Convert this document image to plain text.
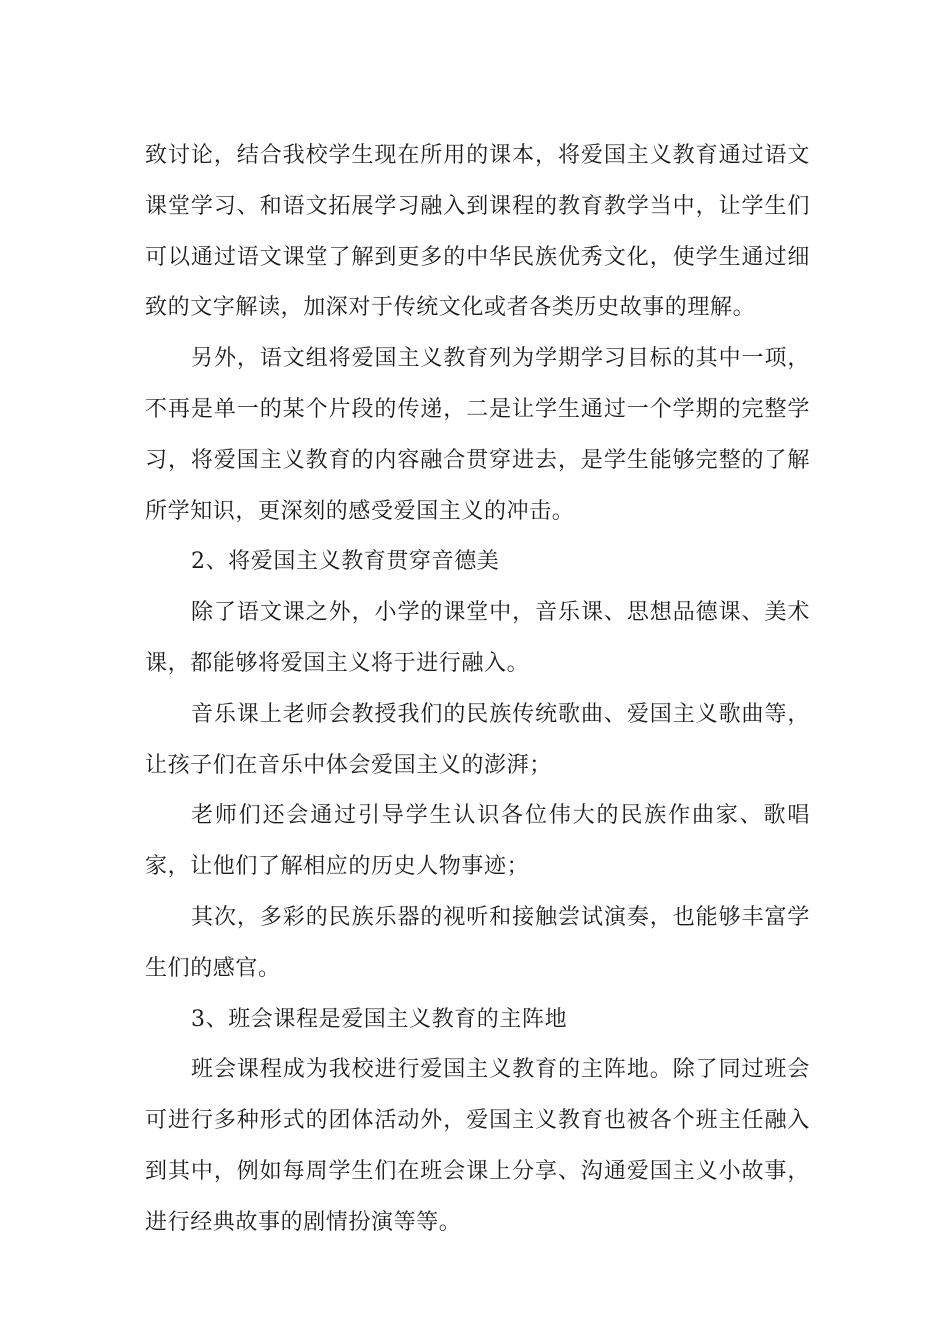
致讨论，结合我校学生现在所用的课本，将爱国主义教育通过语文课堂学习、和语文拓展学习融入到课程的教育教学当中，让学生们可以通过语文课堂了解到更多的中华民族优秀文化，使学生通过细致的文字解读，加深对于传统文化或者各类历史故事的理解。

另外，语文组将爱国主义教育列为学期学习目标的其中一项，不再是单一的某个片段的传递，二是让学生通过一个学期的完整学习，将爱国主义教育的内容融合贯穿进去，是学生能够完整的了解所学知识，更深刻的感受爱国主义的冲击。

2、将爱国主义教育贯穿音德美

除了语文课之外，小学的课堂中，音乐课、思想品德课、美术课，都能够将爱国主义将于进行融入。

音乐课上老师会教授我们的民族传统歌曲、爱国主义歌曲等，让孩子们在音乐中体会爱国主义的澎湃；

老师们还会通过引导学生认识各位伟大的民族作曲家、歌唱家，让他们了解相应的历史人物事迹；

其次，多彩的民族乐器的视听和接触尝试演奏，也能够丰富学生们的感官。

3、班会课程是爱国主义教育的主阵地

班会课程成为我校进行爱国主义教育的主阵地。除了同过班会可进行多种形式的团体活动外，爱国主义教育也被各个班主任融入到其中，例如每周学生们在班会课上分享、沟通爱国主义小故事，进行经典故事的剧情扮演等等。
